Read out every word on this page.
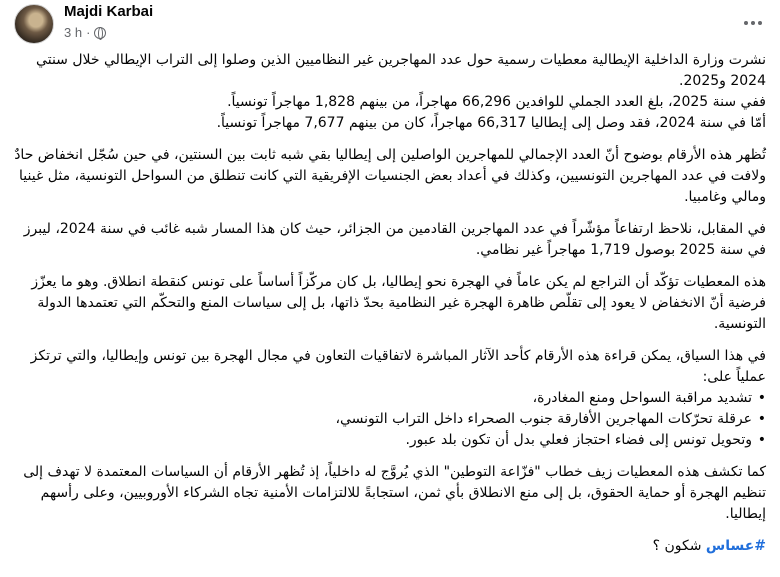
Majdi Karbai
3 h ·

نشرت وزارة الداخلية الإيطالية معطيات رسمية حول عدد المهاجرين غير النظاميين الذين وصلوا إلى التراب الإيطالي خلال سنتي 2024 و2025.

ففي سنة 2025، بلغ العدد الجملي للوافدين 66,296 مهاجراً، من بينهم 1,828 مهاجراً تونسياً.

أمّا في سنة 2024، فقد وصل إلى إيطاليا 66,317 مهاجراً، كان من بينهم 7,677 مهاجراً تونسياً.

تُظهر هذه الأرقام بوضوح أنّ العدد الإجمالي للمهاجرين الواصلين إلى إيطاليا بقي شبه ثابت بين السنتين، في حين سُجّل انخفاض حادٌ ولافت في عدد المهاجرين التونسيين، وكذلك في أعداد بعض الجنسيات الإفريقية التي كانت تنطلق من السواحل التونسية، مثل غينيا ومالي وغامبيا.

في المقابل، نلاحظ ارتفاعاً مؤشّراً في عدد المهاجرين القادمين من الجزائر، حيث كان هذا المسار شبه غائب في سنة 2024، ليبرز في سنة 2025 بوصول 1,719 مهاجراً غير نظامي.

هذه المعطيات تؤكّد أن التراجع لم يكن عاماً في الهجرة نحو إيطاليا، بل كان مركّزاً أساساً على تونس كنقطة انطلاق. وهو ما يعزّز فرضية أنّ الانخفاض لا يعود إلى تقلّص ظاهرة الهجرة غير النظامية بحدّ ذاتها، بل إلى سياسات المنع والتحكّم التي تعتمدها الدولة التونسية.

في هذا السياق، يمكن قراءة هذه الأرقام كأحد الآثار المباشرة لاتفاقيات التعاون في مجال الهجرة بين تونس وإيطاليا، والتي ترتكز عملياً على:

• تشديد مراقبة السواحل ومنع المغادرة،
• عرقلة تحرّكات المهاجرين الأفارقة جنوب الصحراء داخل التراب التونسي،
• وتحويل تونس إلى فضاء احتجاز فعلي بدل أن تكون بلد عبور.

كما تكشف هذه المعطيات زيف خطاب "فزّاعة التوطين" الذي يُروَّج له داخلياً، إذ تُظهر الأرقام أن السياسات المعتمدة لا تهدف إلى تنظيم الهجرة أو حماية الحقوق، بل إلى منع الانطلاق بأي ثمن، استجابةً للالتزامات الأمنية تجاه الشركاء الأوروبيين، وعلى رأسهم إيطاليا.

#عساس شكون ؟
